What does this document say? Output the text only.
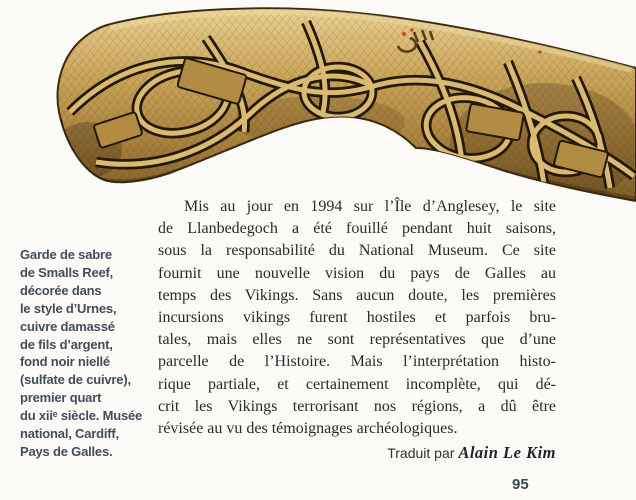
Garde de sabre
de Smalls Reef,
décorée dans
le style d’Urnes,
cuivre damassé
de fils d’argent,
fond noir niellé
(sulfate de cuivre),
premier quart
du xiiᵉ siècle. Musée
national, Cardiff,
Pays de Galles.
Mis au jour en 1994 sur l’Île d’Anglesey, le site
de Llanbedegoch a été fouillé pendant huit saisons,
sous la responsabilité du National Museum. Ce site
fournit une nouvelle vision du pays de Galles au
temps des Vikings. Sans aucun doute, les premières
incursions vikings furent hostiles et parfois bru-
tales, mais elles ne sont représentatives que d’une
parcelle de l’Histoire. Mais l’interprétation histo-
rique partiale, et certainement incomplète, qui dé-
crit les Vikings terrorisant nos régions, a dû être
révisée au vu des témoignages archéologiques.
Traduit par Alain Le Kim
95
